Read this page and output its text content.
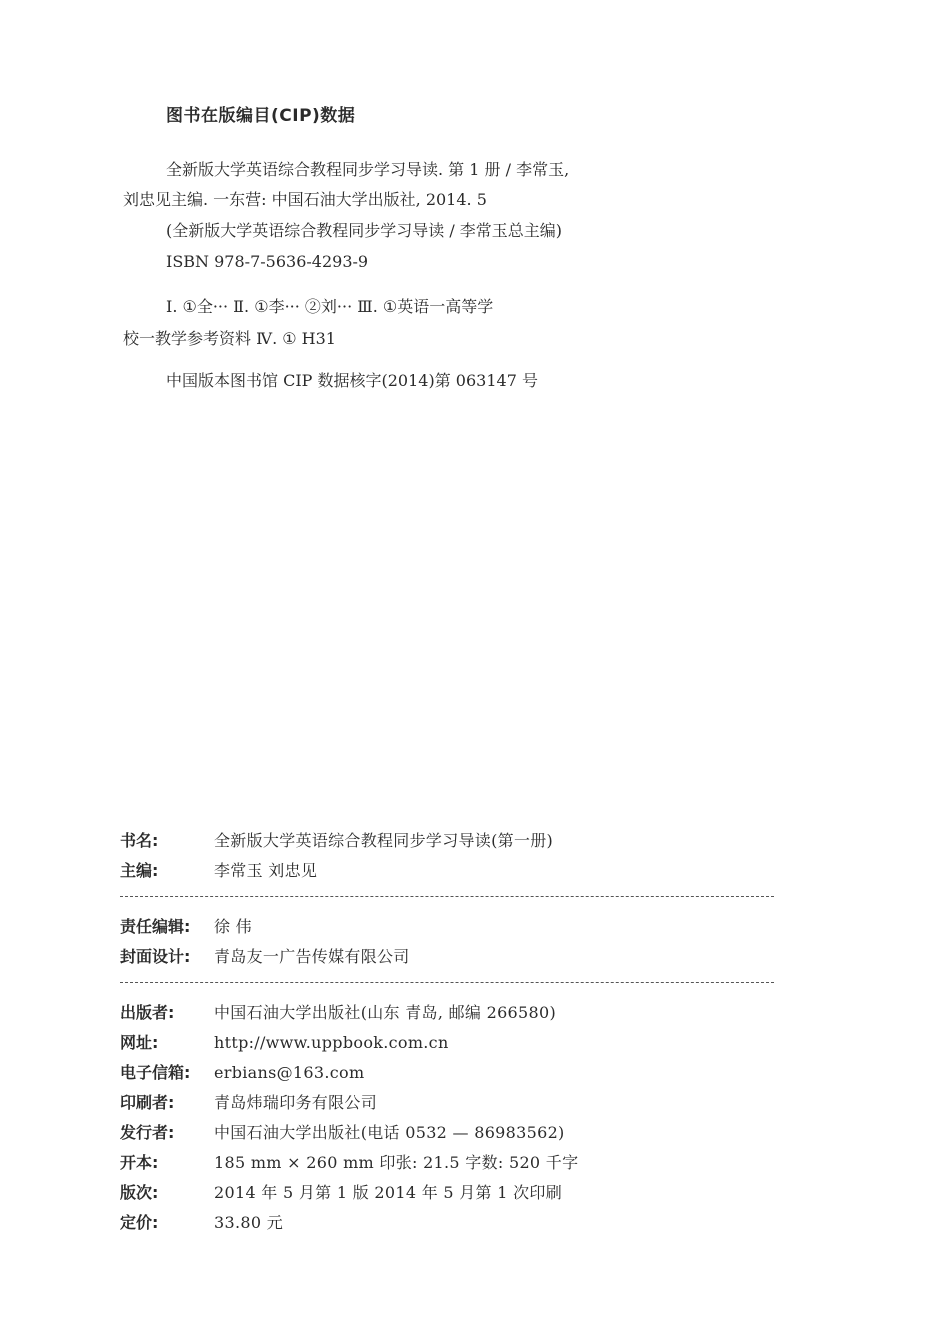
图书在版编目(CIP)数据
全新版大学英语综合教程同步学习导读. 第 1 册 / 李常玉,
刘忠见主编. 一东营: 中国石油大学出版社, 2014. 5
(全新版大学英语综合教程同步学习导读 / 李常玉总主编)
ISBN 978-7-5636-4293-9
Ⅰ. ①全··· Ⅱ. ①李··· ②刘··· Ⅲ. ①英语一高等学
校一教学参考资料 Ⅳ. ① H31
中国版本图书馆 CIP 数据核字(2014)第 063147 号
书名:	全新版大学英语综合教程同步学习导读(第一册)
主编:	李常玉 刘忠见
责任编辑:	徐 伟
封面设计:	青岛友一广告传媒有限公司
出版者:	中国石油大学出版社(山东 青岛, 邮编 266580)
网址:	http://www.uppbook.com.cn
电子信箱:	erbians@163.com
印刷者:	青岛炜瑞印务有限公司
发行者:	中国石油大学出版社(电话 0532 — 86983562)
开本:	185 mm × 260 mm 印张: 21.5 字数: 520 千字
版次:	2014 年 5 月第 1 版 2014 年 5 月第 1 次印刷
定价:	33.80 元
